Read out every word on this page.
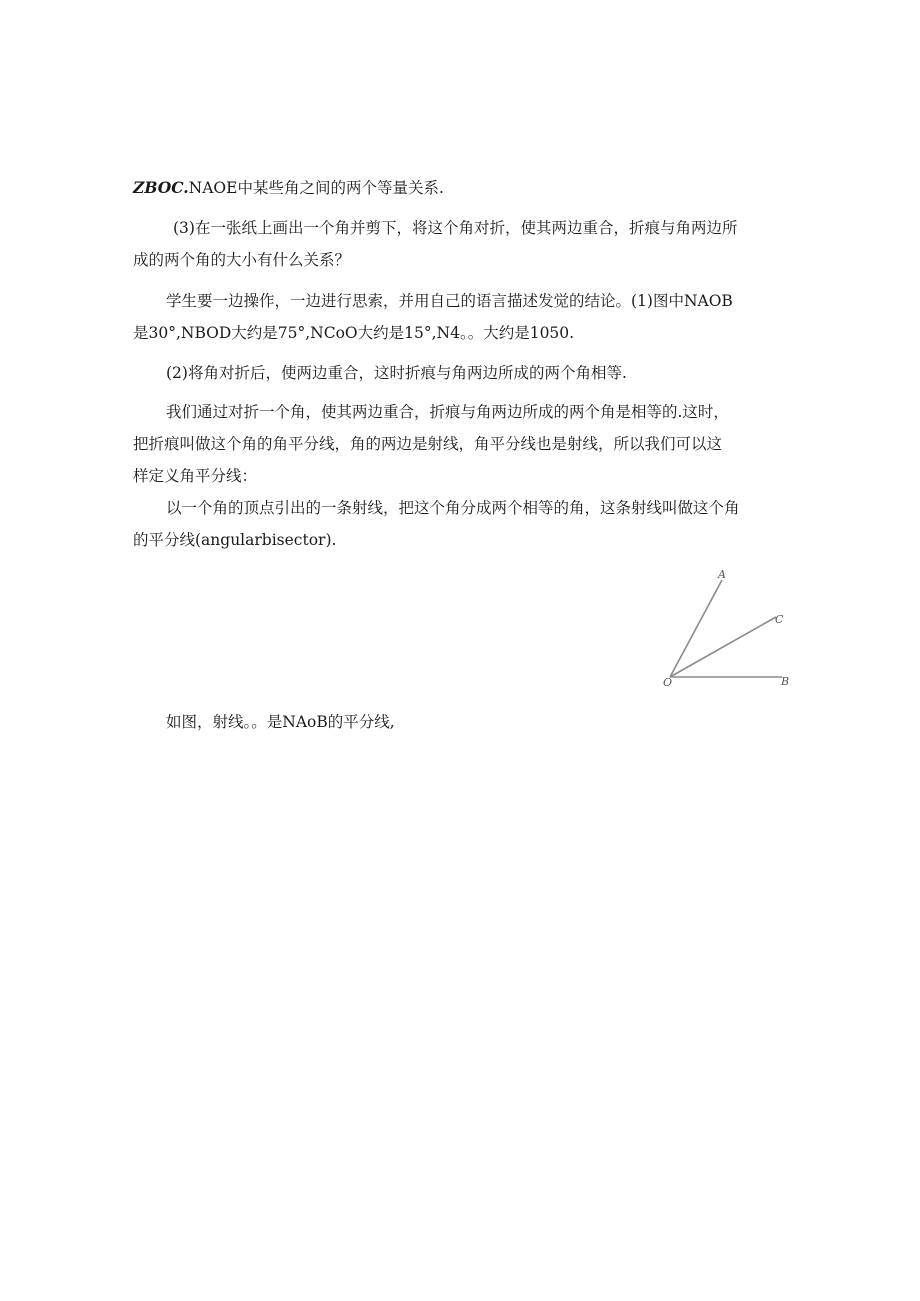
ZBOC.NAOE中某些角之间的两个等量关系.

(3)在一张纸上画出一个角并剪下，将这个角对折，使其两边重合，折痕与角两边所
成的两个角的大小有什么关系？

学生要一边操作，一边进行思索，并用自己的语言描述发觉的结论。(1)图中NAOB
是30°,NBOD大约是75°,NCoO大约是15°,N4。。大约是1050.

(2)将角对折后，使两边重合，这时折痕与角两边所成的两个角相等.

我们通过对折一个角，使其两边重合，折痕与角两边所成的两个角是相等的.这时，
把折痕叫做这个角的角平分线，角的两边是射线，角平分线也是射线，所以我们可以这
样定义角平分线：

以一个角的顶点引出的一条射线，把这个角分成两个相等的角，这条射线叫做这个角
的平分线(angularbisector).

A
C
O	B

如图，射线。。是NAoB的平分线,
